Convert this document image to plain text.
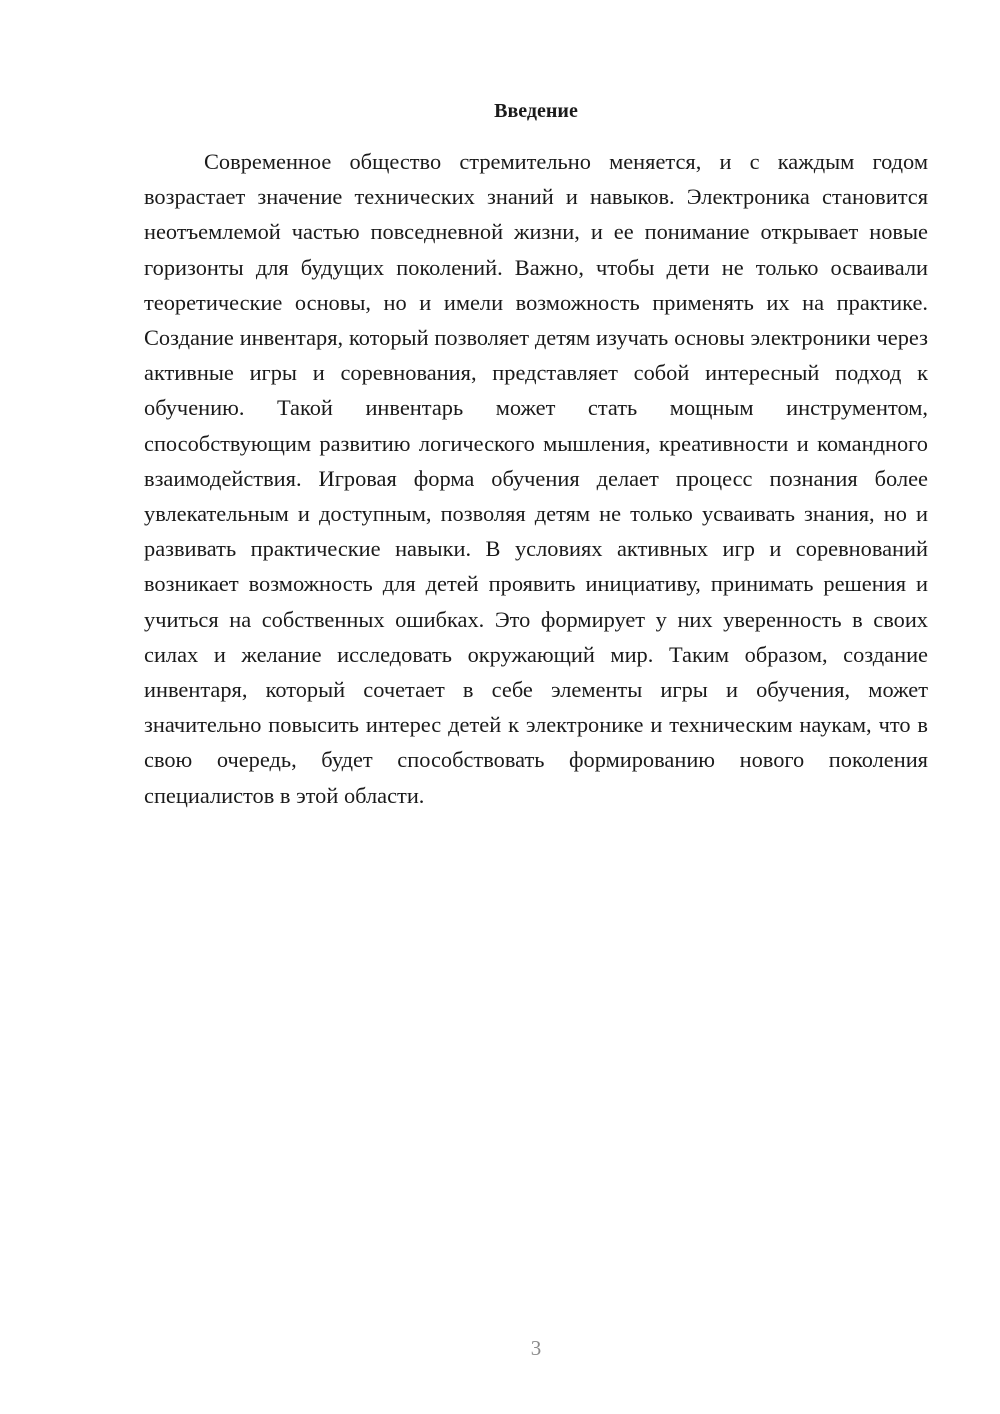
Введение

Современное общество стремительно меняется, и с каждым годом возрастает значение технических знаний и навыков. Электроника становится неотъемлемой частью повседневной жизни, и ее понимание открывает новые горизонты для будущих поколений. Важно, чтобы дети не только осваивали теоретические основы, но и имели возможность применять их на практике. Создание инвентаря, который позволяет детям изучать основы электроники через активные игры и соревнования, представляет собой интересный подход к обучению. Такой инвентарь может стать мощным инструментом, способствующим развитию логического мышления, креативности и командного взаимодействия. Игровая форма обучения делает процесс познания более увлекательным и доступным, позволяя детям не только усваивать знания, но и развивать практические навыки. В условиях активных игр и соревнований возникает возможность для детей проявить инициативу, принимать решения и учиться на собственных ошибках. Это формирует у них уверенность в своих силах и желание исследовать окружающий мир. Таким образом, создание инвентаря, который сочетает в себе элементы игры и обучения, может значительно повысить интерес детей к электронике и техническим наукам, что в свою очередь, будет способствовать формированию нового поколения специалистов в этой области.

3
